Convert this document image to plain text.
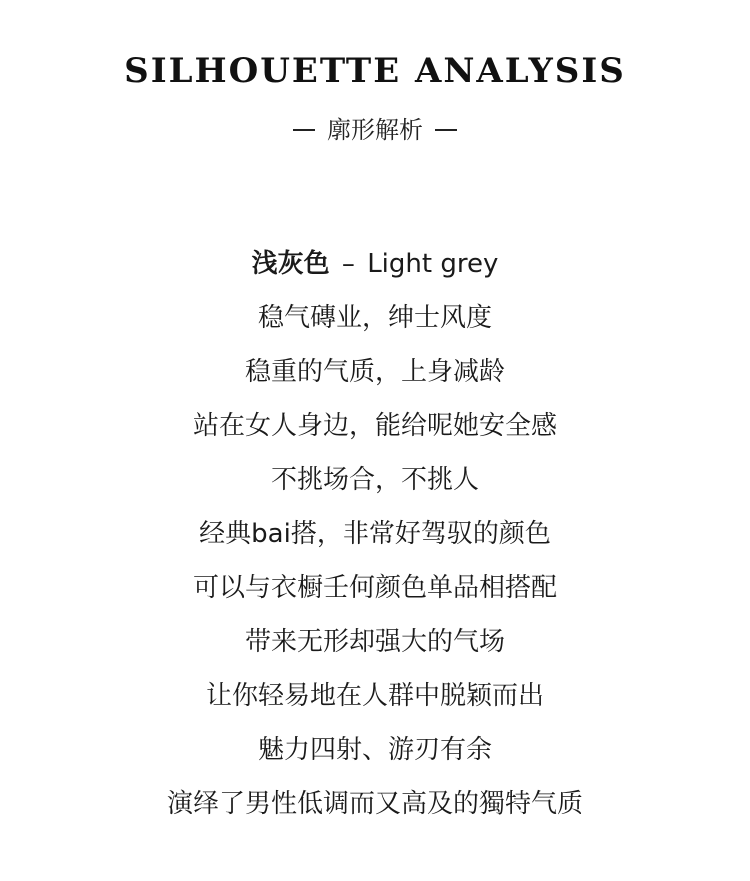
SILHOUETTE ANALYSIS
廓形解析
浅灰色 – Light grey
稳气磚业，绅士风度
稳重的气质，上身减龄
站在女人身边，能给呢她安全感
不挑场合，不挑人
经典bai搭，非常好驾驭的颜色
可以与衣橱壬何颜色单品相搭配
带来无形却强大的气场
让你轻易地在人群中脱颖而出
魅力四射、游刃有余
演绎了男性低调而又高及的獨特气质
